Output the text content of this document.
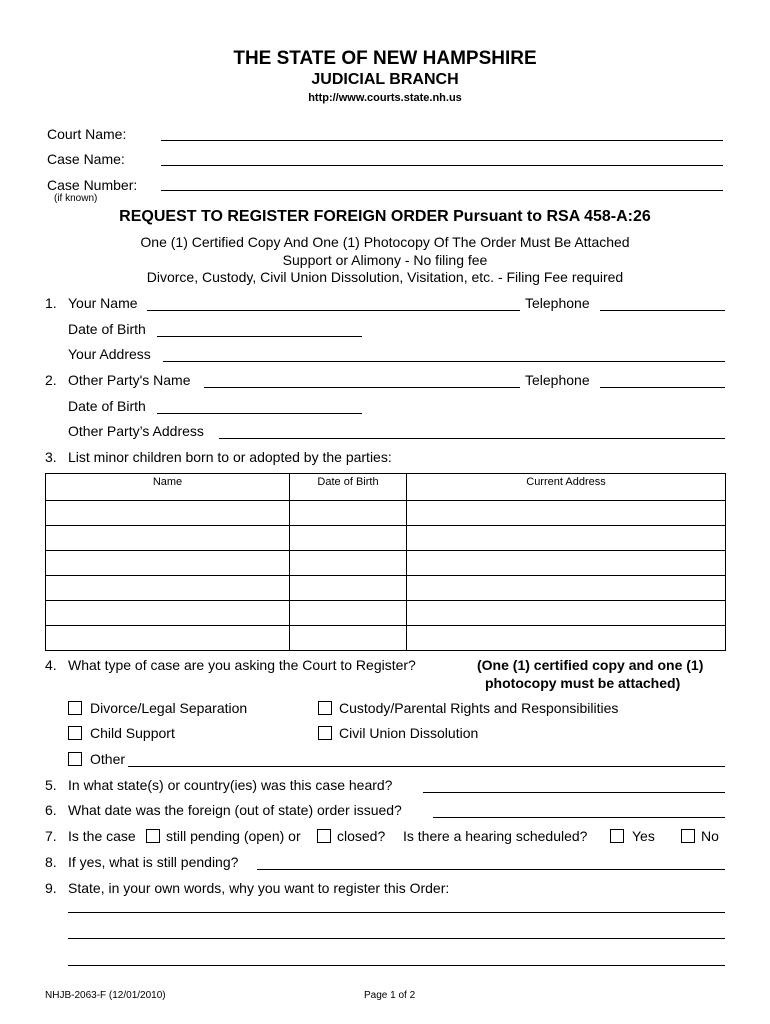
THE STATE OF NEW HAMPSHIRE
JUDICIAL BRANCH
http://www.courts.state.nh.us
Court Name:
Case Name:
Case Number:
(if known)
REQUEST TO REGISTER FOREIGN ORDER Pursuant to RSA 458-A:26
One (1) Certified Copy And One (1) Photocopy Of The Order Must Be Attached
Support or Alimony - No filing fee
Divorce, Custody, Civil Union Dissolution, Visitation, etc. - Filing Fee required
1. Your Name	Telephone
Date of Birth
Your Address
2. Other Party's Name	Telephone
Date of Birth
Other Party’s Address
3. List minor children born to or adopted by the parties:
Name	Date of Birth	Current Address

4. What type of case are you asking the Court to Register?	(One (1) certified copy and one (1)
photocopy must be attached)
Divorce/Legal Separation	Custody/Parental Rights and Responsibilities
Child Support	Civil Union Dissolution
Other
5. In what state(s) or country(ies) was this case heard?
6. What date was the foreign (out of state) order issued?
7. Is the case still pending (open) or	closed? Is there a hearing scheduled?	Yes	No
8. If yes, what is still pending?
9. State, in your own words, why you want to register this Order:
NHJB-2063-F (12/01/2010)	Page 1 of 2
